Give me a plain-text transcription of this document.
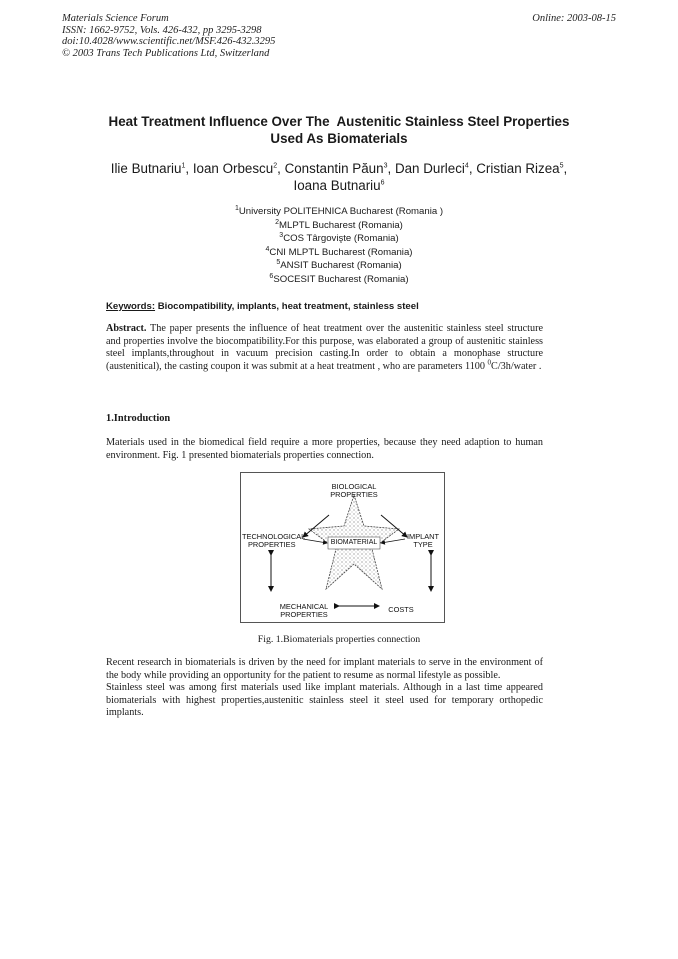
Materials Science Forum
ISSN: 1662-9752, Vols. 426-432, pp 3295-3298
doi:10.4028/www.scientific.net/MSF.426-432.3295
© 2003 Trans Tech Publications Ltd, Switzerland
Online: 2003-08-15
Heat Treatment Influence Over The  Austenitic Stainless Steel Properties
Used As Biomaterials
Ilie Butnariu$^1$, Ioan Orbescu$^2$, Constantin Păun$^3$, Dan Durleci$^4$, Cristian Rizea$^5$,
Ioana Butnariu$^6$
$^1$University POLITEHNICA Bucharest (Romania )
$^2$MLPTL Bucharest (Romania)
$^3$COS Târgovişte (Romania)
$^4$CNI MLPTL Bucharest (Romania)
$^5$ANSIT Bucharest (Romania)
$^6$SOCESIT Bucharest (Romania)
Keywords: Biocompatibility, implants, heat treatment, stainless steel
Abstract. The paper presents the influence of heat treatment over the austenitic stainless steel structure and properties involve the biocompatibility.For this purpose, was elaborated a group of austenitic stainless steel implants,throughout in vacuum precision casting.In order to obtain a monophase structure (austenitical), the casting coupon it was submit at a heat treatment , who are parameters 1100 $^0$C/3h/water .
1.Introduction
Materials used in the biomedical field require a more properties, because they need adaption to human environment. Fig. 1 presented biomaterials properties connection.
BIOLOGICAL
PROPERTIES
TECHNOLOGICAL
PROPERTIES	BIOMATERIAL
IMPLANT
TYPE
MECHANICAL
PROPERTIES
COSTS
Fig. 1.Biomaterials properties connection
Recent research in biomaterials is driven by the need for implant materials to serve in the environment of the body while providing an opportunity for the patient to resume as normal lifestyle as possible.
Stainless steel was among first materials used like implant materials. Although in a last time appeared biomaterials with highest properties,austenitic stainless steel it steel used for temporary orthopedic implants.
